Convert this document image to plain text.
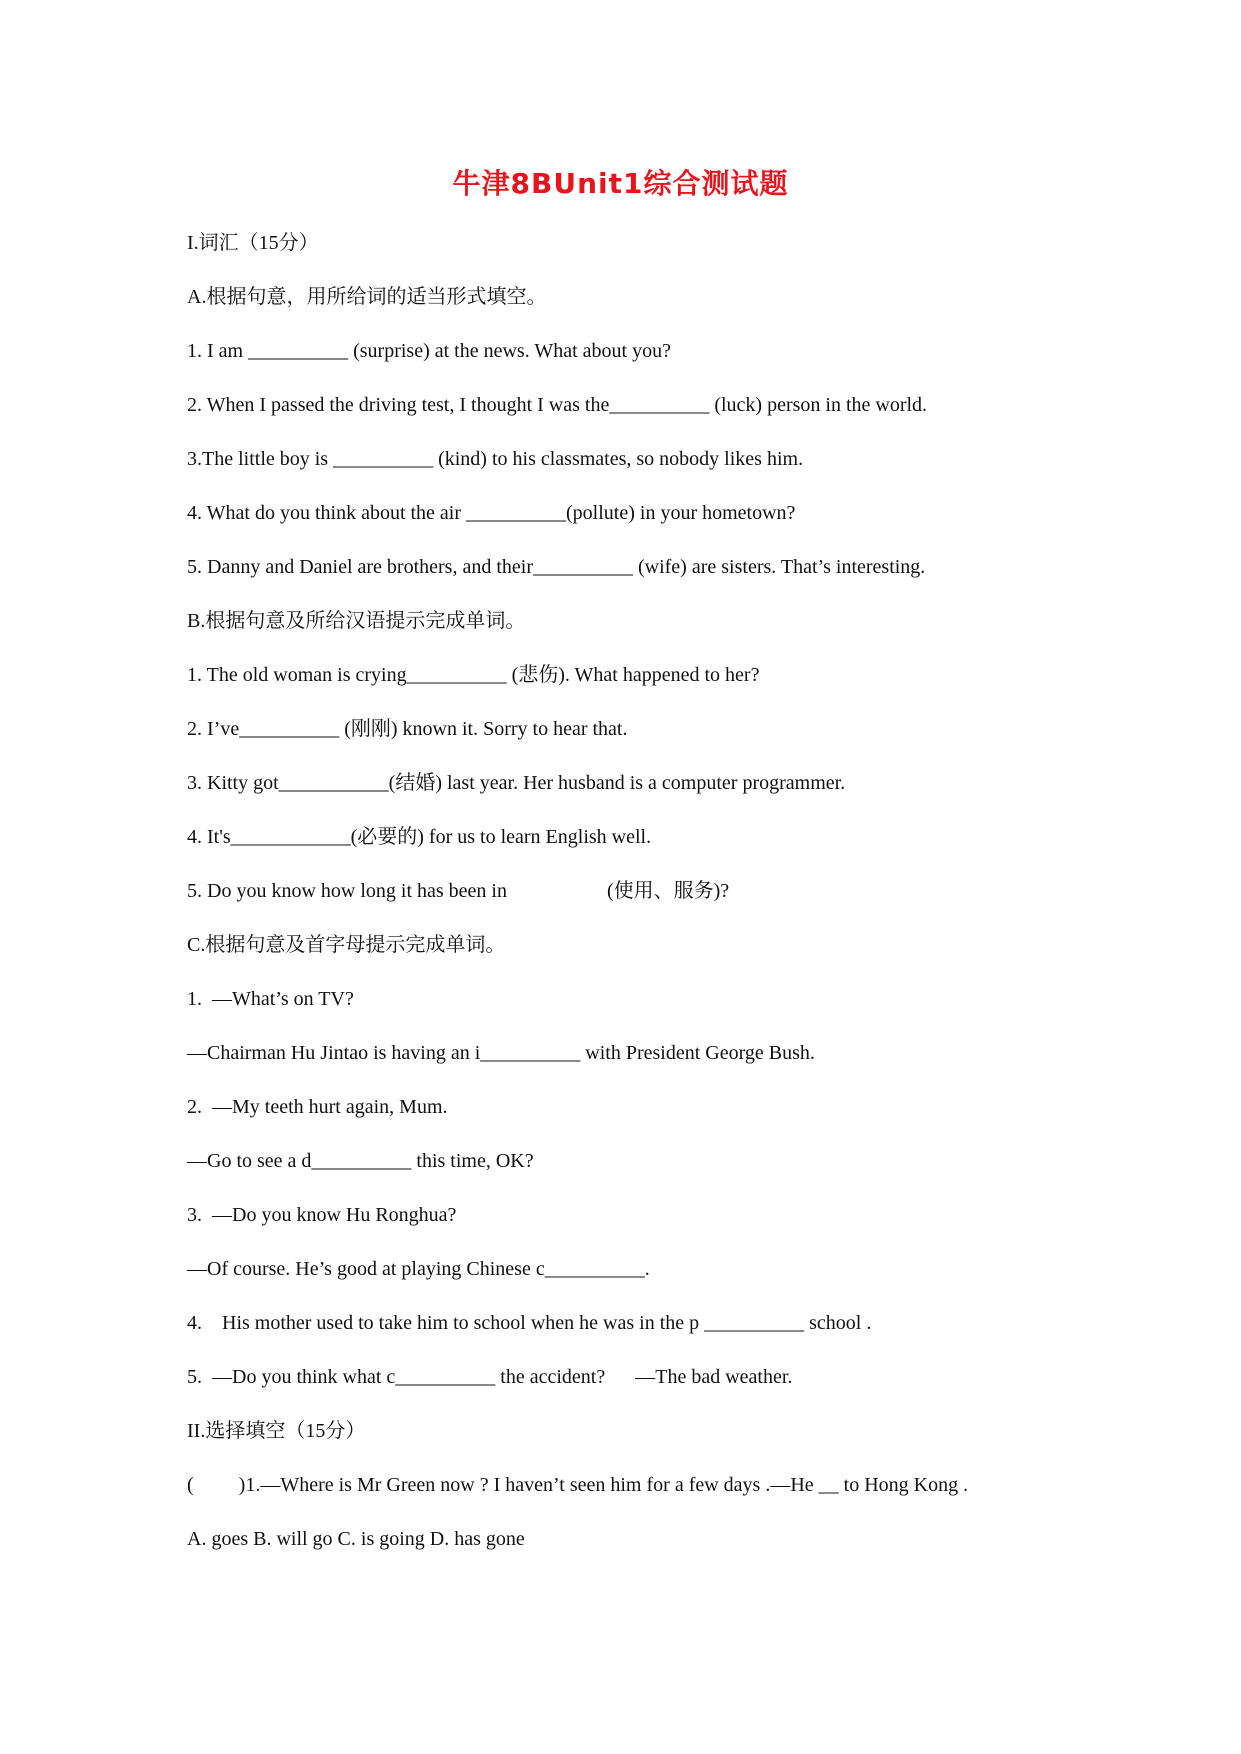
牛津8BUnit1综合测试题
I.词汇（15分）
A.根据句意，用所给词的适当形式填空。
1. I am __________ (surprise) at the news. What about you?
2. When I passed the driving test, I thought I was the__________ (luck) person in the world.
3.The little boy is __________ (kind) to his classmates, so nobody likes him.
4. What do you think about the air __________(pollute) in your hometown?
5. Danny and Daniel are brothers, and their__________ (wife) are sisters. That’s interesting.
B.根据句意及所给汉语提示完成单词。
1. The old woman is crying__________ (悲伤). What happened to her?
2. I’ve__________ (刚刚) known it. Sorry to hear that.
3. Kitty got___________(结婚) last year. Her husband is a computer programmer.
4. It's____________(必要的) for us to learn English well.
5. Do you know how long it has been in                    (使用、服务)?
C.根据句意及首字母提示完成单词。
1.  —What’s on TV?
—Chairman Hu Jintao is having an i__________ with President George Bush.
2.  —My teeth hurt again, Mum.
—Go to see a d__________ this time, OK?
3.  —Do you know Hu Ronghua?
—Of course. He’s good at playing Chinese c__________.
4.    His mother used to take him to school when he was in the p __________ school .
5.  —Do you think what c__________ the accident?      —The bad weather.
II.选择填空（15分）
(         )1.—Where is Mr Green now ? I haven’t seen him for a few days .—He __ to Hong Kong .
A. goes B. will go C. is going D. has gone
